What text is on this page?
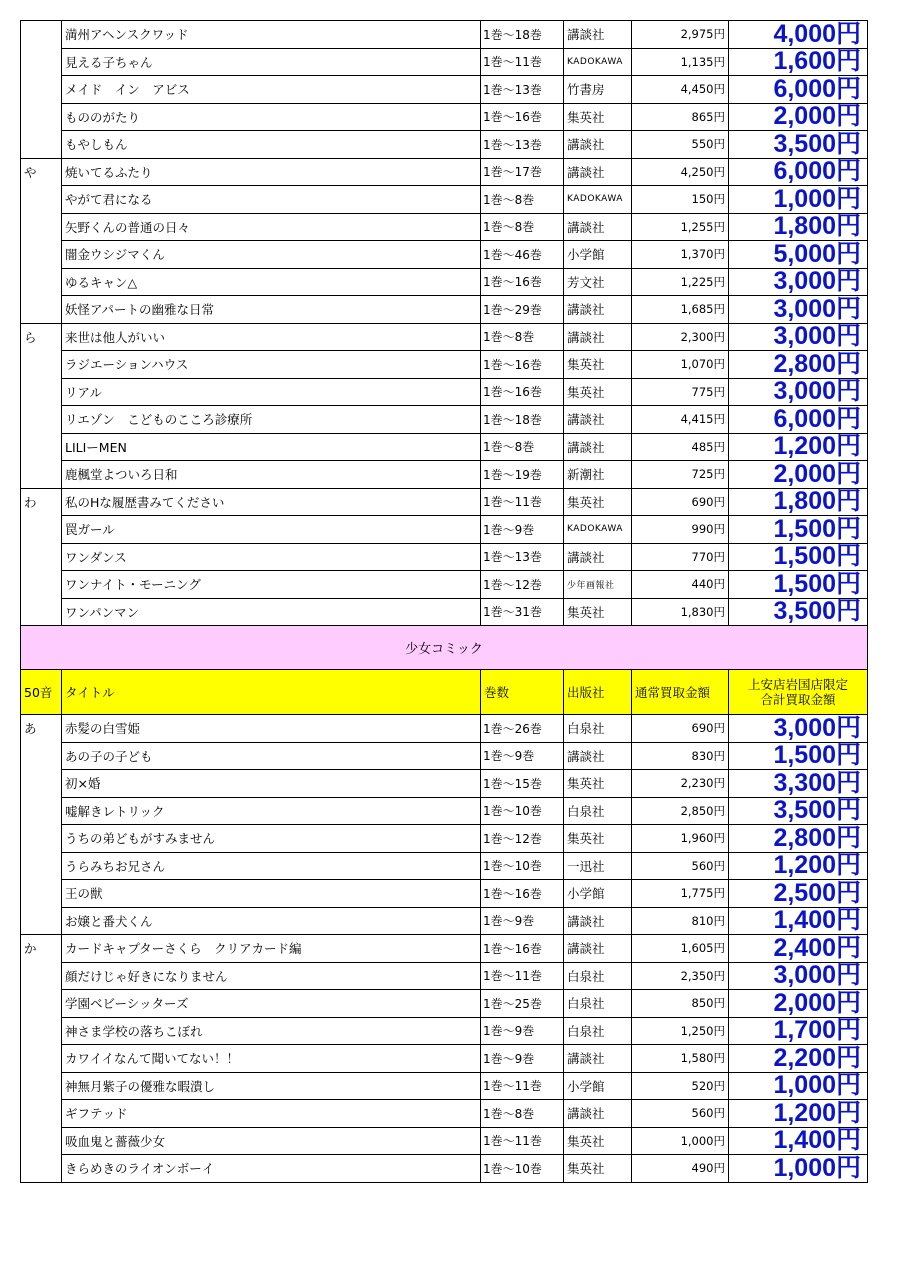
	満州アヘンスクワッド	1巻〜18巻	講談社	2,975円	4,000円
	見える子ちゃん	1巻〜11巻	KADOKAWA	1,135円	1,600円
	メイド　イン　アビス	1巻〜13巻	竹書房	4,450円	6,000円
	もののがたり	1巻〜16巻	集英社	865円	2,000円
	もやしもん	1巻〜13巻	講談社	550円	3,500円
や	焼いてるふたり	1巻〜17巻	講談社	4,250円	6,000円
	やがて君になる	1巻〜8巻	KADOKAWA	150円	1,000円
	矢野くんの普通の日々	1巻〜8巻	講談社	1,255円	1,800円
	闇金ウシジマくん	1巻〜46巻	小学館	1,370円	5,000円
	ゆるキャン△	1巻〜16巻	芳文社	1,225円	3,000円
	妖怪アパートの幽雅な日常	1巻〜29巻	講談社	1,685円	3,000円
ら	来世は他人がいい	1巻〜8巻	講談社	2,300円	3,000円
	ラジエーションハウス	1巻〜16巻	集英社	1,070円	2,800円
	リアル	1巻〜16巻	集英社	775円	3,000円
	リエゾン　こどものこころ診療所	1巻〜18巻	講談社	4,415円	6,000円
	LILIーMEN	1巻〜8巻	講談社	485円	1,200円
	鹿楓堂よついろ日和	1巻〜19巻	新潮社	725円	2,000円
わ	私のHな履歴書みてください	1巻〜11巻	集英社	690円	1,800円
	罠ガール	1巻〜9巻	KADOKAWA	990円	1,500円
	ワンダンス	1巻〜13巻	講談社	770円	1,500円
	ワンナイト・モーニング	1巻〜12巻	少年画報社	440円	1,500円
	ワンパンマン	1巻〜31巻	集英社	1,830円	3,500円
少女コミック					
50音	タイトル	巻数	出版社	通常買取金額	上安店岩国店限定
合計買取金額
あ	赤髪の白雪姫	1巻〜26巻	白泉社	690円	3,000円
	あの子の子ども	1巻〜9巻	講談社	830円	1,500円
	初×婚	1巻〜15巻	集英社	2,230円	3,300円
	嘘解きレトリック	1巻〜10巻	白泉社	2,850円	3,500円
	うちの弟どもがすみません	1巻〜12巻	集英社	1,960円	2,800円
	うらみちお兄さん	1巻〜10巻	一迅社	560円	1,200円
	王の獣	1巻〜16巻	小学館	1,775円	2,500円
	お嬢と番犬くん	1巻〜9巻	講談社	810円	1,400円
か	カードキャプターさくら　クリアカード編	1巻〜16巻	講談社	1,605円	2,400円
	顔だけじゃ好きになりません	1巻〜11巻	白泉社	2,350円	3,000円
	学園ベビーシッターズ	1巻〜25巻	白泉社	850円	2,000円
	神さま学校の落ちこぼれ	1巻〜9巻	白泉社	1,250円	1,700円
	カワイイなんて聞いてない！！	1巻〜9巻	講談社	1,580円	2,200円
	神無月紫子の優雅な暇潰し	1巻〜11巻	小学館	520円	1,000円
	ギフテッド	1巻〜8巻	講談社	560円	1,200円
	吸血鬼と薔薇少女	1巻〜11巻	集英社	1,000円	1,400円
	きらめきのライオンボーイ	1巻〜10巻	集英社	490円	1,000円
